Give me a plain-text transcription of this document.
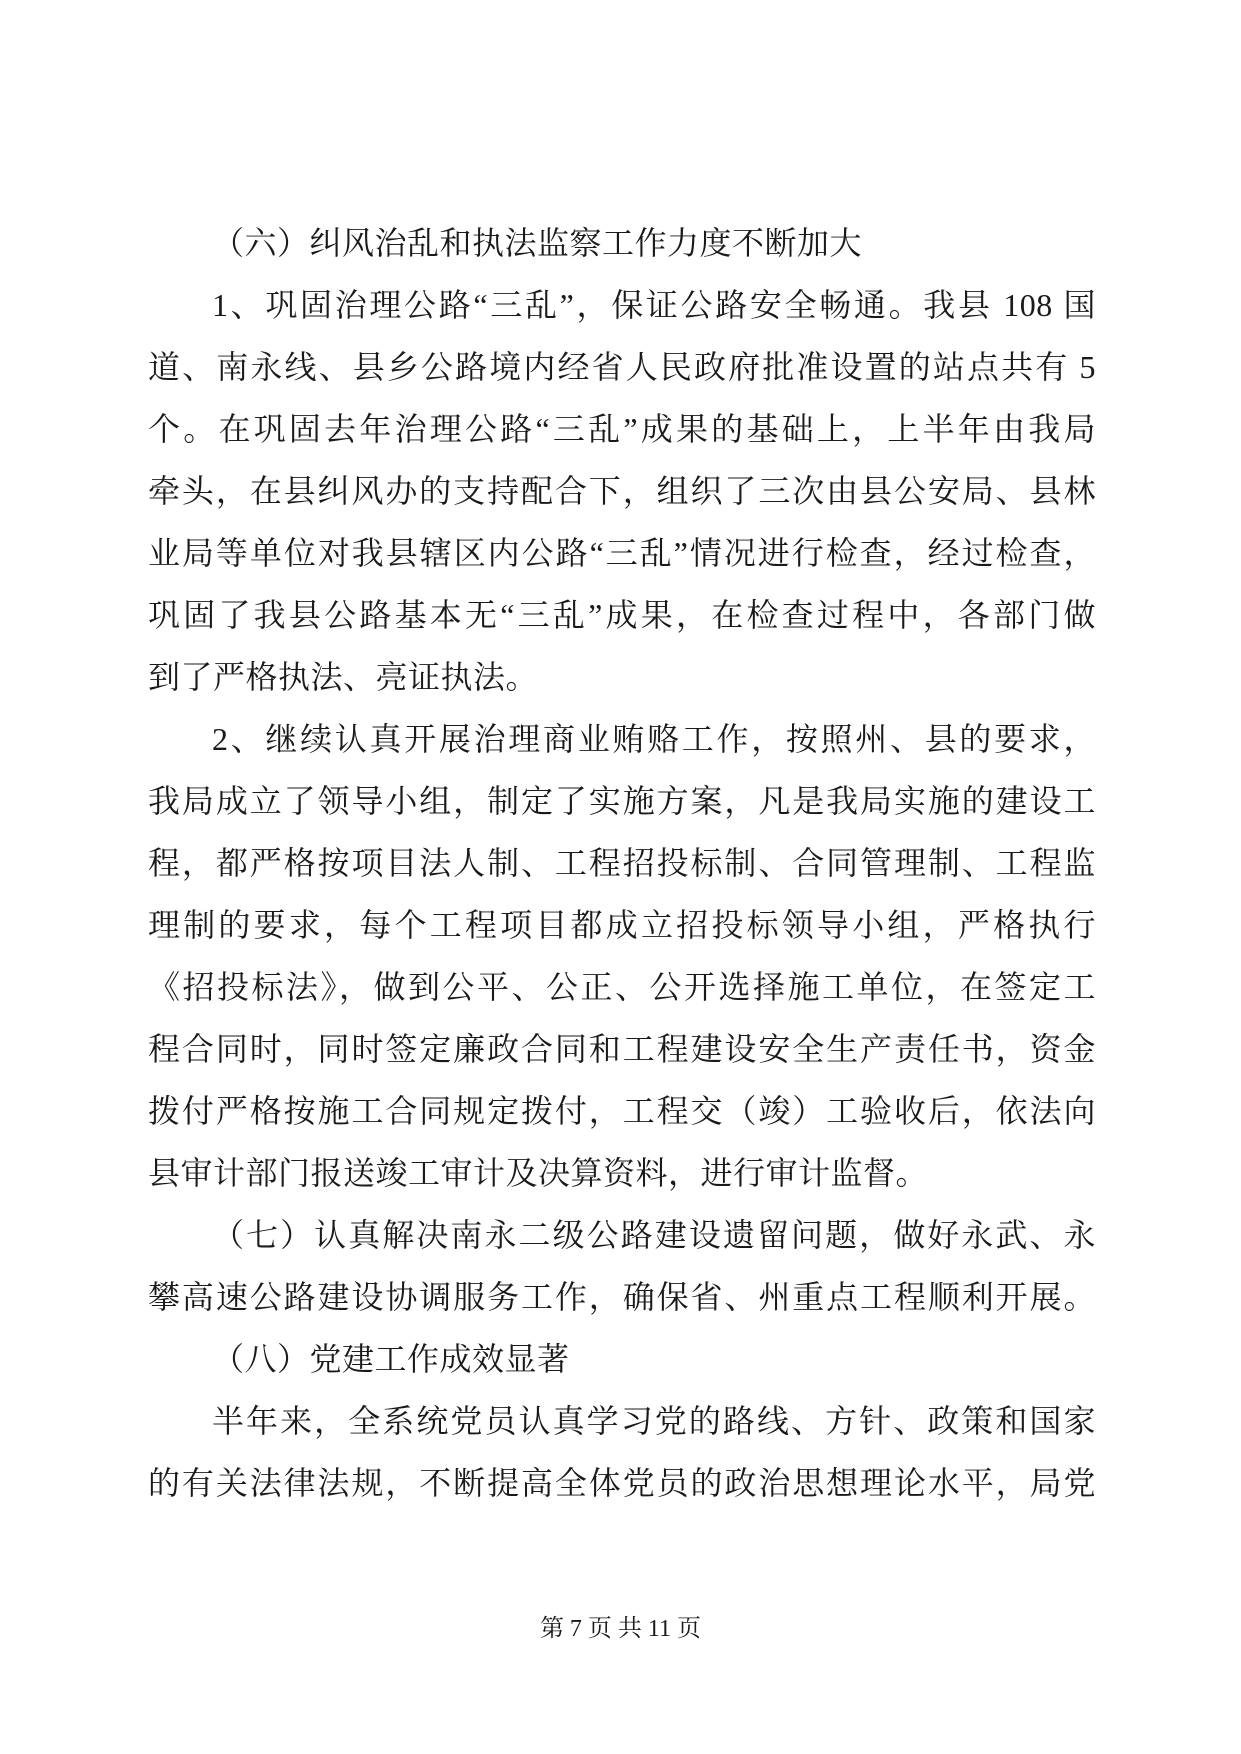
（六）纠风治乱和执法监察工作力度不断加大
1、巩固治理公路“三乱”，保证公路安全畅通。我县 108 国
道、南永线、县乡公路境内经省人民政府批准设置的站点共有 5
个。在巩固去年治理公路“三乱”成果的基础上，上半年由我局
牵头，在县纠风办的支持配合下，组织了三次由县公安局、县林
业局等单位对我县辖区内公路“三乱”情况进行检查，经过检查，
巩固了我县公路基本无“三乱”成果，在检查过程中，各部门做
到了严格执法、亮证执法。
2、继续认真开展治理商业贿赂工作，按照州、县的要求，
我局成立了领导小组，制定了实施方案，凡是我局实施的建设工
程，都严格按项目法人制、工程招投标制、合同管理制、工程监
理制的要求，每个工程项目都成立招投标领导小组，严格执行
《招投标法》，做到公平、公正、公开选择施工单位，在签定工
程合同时，同时签定廉政合同和工程建设安全生产责任书，资金
拨付严格按施工合同规定拨付，工程交（竣）工验收后，依法向
县审计部门报送竣工审计及决算资料，进行审计监督。
（七）认真解决南永二级公路建设遗留问题，做好永武、永
攀高速公路建设协调服务工作，确保省、州重点工程顺利开展。
（八）党建工作成效显著
半年来，全系统党员认真学习党的路线、方针、政策和国家
的有关法律法规，不断提高全体党员的政治思想理论水平，局党
第 7 页 共 11 页
